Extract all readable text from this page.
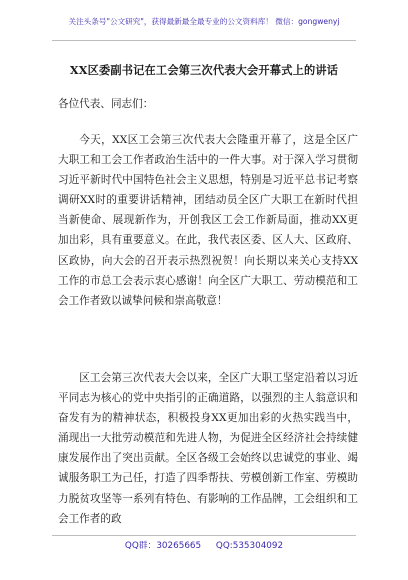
关注头条号"公文研究"，获得最新最全最专业的公文资料库！ 微信：gongwenyj
XX区委副书记在工会第三次代表大会开幕式上的讲话
各位代表、同志们：

今天，XX区工会第三次代表大会隆重开幕了，这是全区广大职工和工会工作者政治生活中的一件大事。对于深入学习贯彻习近平新时代中国特色社会主义思想，特别是习近平总书记考察调研XX时的重要讲话精神，团结动员全区广大职工在新时代担当新使命、展现新作为，开创我区工会工作新局面，推动XX更加出彩，具有重要意义。在此，我代表区委、区人大、区政府、区政协，向大会的召开表示热烈祝贺！向长期以来关心支持XX工作的市总工会表示衷心感谢！向全区广大职工、劳动模范和工会工作者致以诚挚问候和崇高敬意！

区工会第三次代表大会以来，全区广大职工坚定沿着以习近平同志为核心的党中央指引的正确道路，以强烈的主人翁意识和奋发有为的精神状态，积极投身XX更加出彩的火热实践当中，涌现出一大批劳动模范和先进人物，为促进全区经济社会持续健康发展作出了突出贡献。全区各级工会始终以忠诚党的事业、竭诚服务职工为己任，打造了四季帮扶、劳模创新工作室、劳模助力脱贫攻坚等一系列有特色、有影响的工作品牌，工会组织和工会工作者的政

QQ群：30265665 QQ:535304092
